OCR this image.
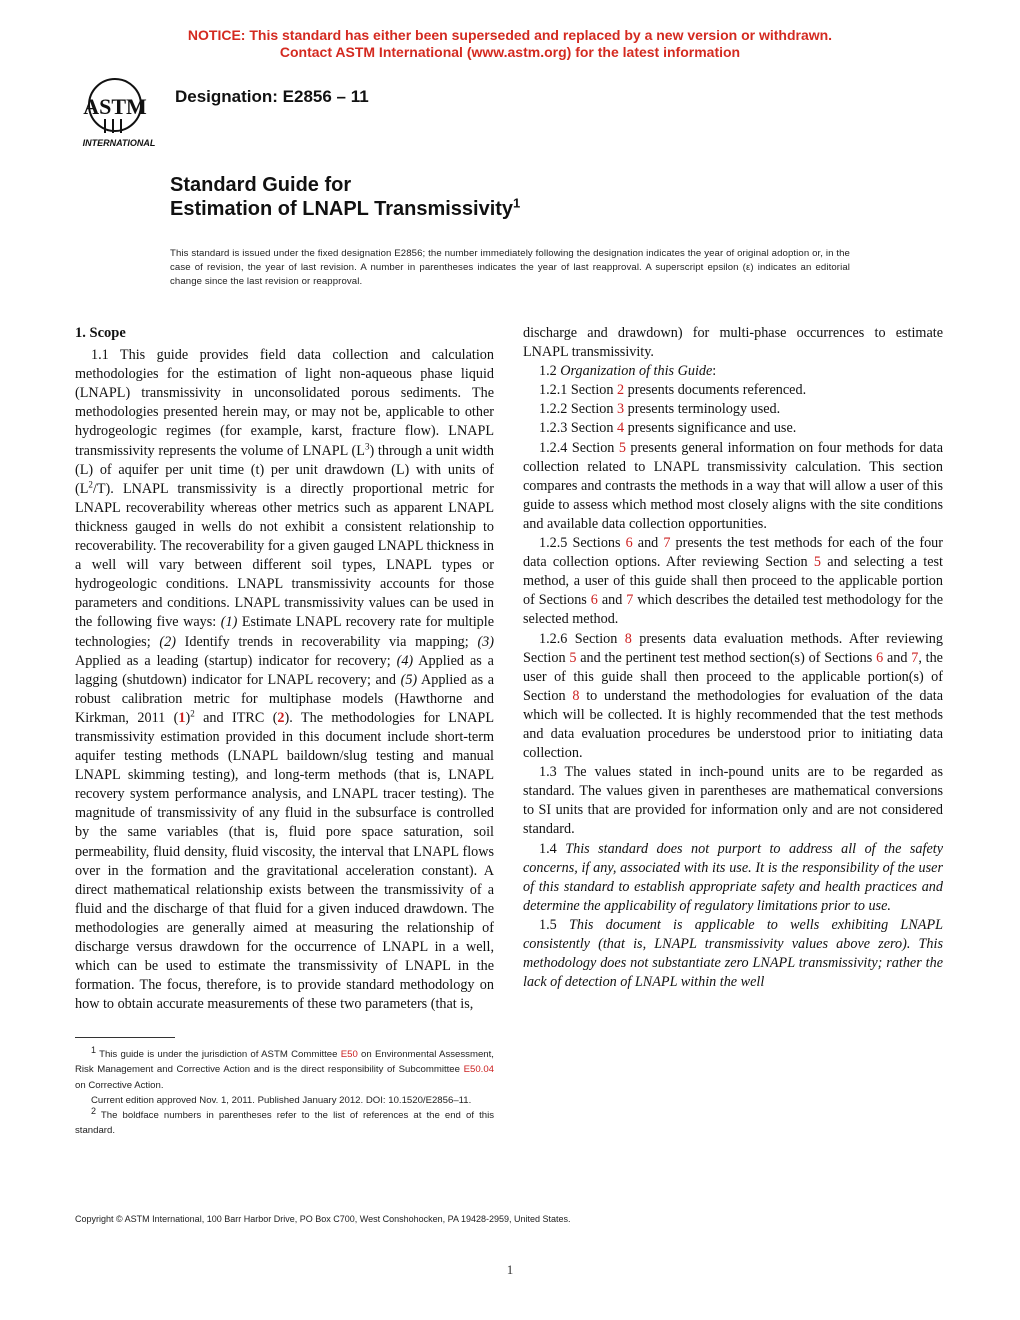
NOTICE: This standard has either been superseded and replaced by a new version or withdrawn.
Contact ASTM International (www.astm.org) for the latest information
ASTM
INTERNATIONAL
Designation: E2856 – 11
Standard Guide for
Estimation of LNAPL Transmissivity$^1$
This standard is issued under the fixed designation E2856; the number immediately following the designation indicates the year of original adoption or, in the case of revision, the year of last revision. A number in parentheses indicates the year of last reapproval. A superscript epsilon (ε) indicates an editorial change since the last revision or reapproval.

1. Scope

1.1 This guide provides field data collection and calculation methodologies for the estimation of light non-aqueous phase liquid (LNAPL) transmissivity in unconsolidated porous sediments. The methodologies presented herein may, or may not be, applicable to other hydrogeologic regimes (for example, karst, fracture flow). LNAPL transmissivity represents the volume of LNAPL $(L^3)$ through a unit width (L) of aquifer per unit time (t) per unit drawdown (L) with units of $(L^2/T)$. LNAPL transmissivity is a directly proportional metric for LNAPL recoverability whereas other metrics such as apparent LNAPL thickness gauged in wells do not exhibit a consistent relationship to recoverability. The recoverability for a given gauged LNAPL thickness in a well will vary between different soil types, LNAPL types or hydrogeologic conditions. LNAPL transmissivity accounts for those parameters and conditions. LNAPL transmissivity values can be used in the following five ways: (1) Estimate LNAPL recovery rate for multiple technologies; (2) Identify trends in recoverability via mapping; (3) Applied as a leading (startup) indicator for recovery; (4) Applied as a lagging (shutdown) indicator for LNAPL recovery; and (5) Applied as a robust calibration metric for multiphase models (Hawthorne and Kirkman, 2011 $(1)^2$ and ITRC (2). The methodologies for LNAPL transmissivity estimation provided in this document include short-term aquifer testing methods (LNAPL baildown/slug testing and manual LNAPL skimming testing), and long-term methods (that is, LNAPL recovery system performance analysis, and LNAPL tracer testing). The magnitude of transmissivity of any fluid in the subsurface is controlled by the same variables (that is, fluid pore space saturation, soil permeability, fluid density, fluid viscosity, the interval that LNAPL flows over in the formation and the gravitational acceleration constant). A direct mathematical relationship exists between the transmissivity of a fluid and the discharge of that fluid for a given induced drawdown. The methodologies are generally aimed at measuring the relationship of discharge versus drawdown for the occurrence of LNAPL in a well, which can be used to estimate the transmissivity of LNAPL in the formation. The focus, therefore, is to provide standard methodology on how to obtain accurate measurements of these two parameters (that is,

discharge and drawdown) for multi-phase occurrences to estimate LNAPL transmissivity.

1.2 Organization of this Guide:

1.2.1 Section 2 presents documents referenced.

1.2.2 Section 3 presents terminology used.

1.2.3 Section 4 presents significance and use.

1.2.4 Section 5 presents general information on four methods for data collection related to LNAPL transmissivity calculation. This section compares and contrasts the methods in a way that will allow a user of this guide to assess which method most closely aligns with the site conditions and available data collection opportunities.

1.2.5 Sections 6 and 7 presents the test methods for each of the four data collection options. After reviewing Section 5 and selecting a test method, a user of this guide shall then proceed to the applicable portion of Sections 6 and 7 which describes the detailed test methodology for the selected method.

1.2.6 Section 8 presents data evaluation methods. After reviewing Section 5 and the pertinent test method section(s) of Sections 6 and 7, the user of this guide shall then proceed to the applicable portion(s) of Section 8 to understand the methodologies for evaluation of the data which will be collected. It is highly recommended that the test methods and data evaluation procedures be understood prior to initiating data collection.

1.3 The values stated in inch-pound units are to be regarded as standard. The values given in parentheses are mathematical conversions to SI units that are provided for information only and are not considered standard.

1.4 This standard does not purport to address all of the safety concerns, if any, associated with its use. It is the responsibility of the user of this standard to establish appropriate safety and health practices and determine the applicability of regulatory limitations prior to use.

1.5 This document is applicable to wells exhibiting LNAPL consistently (that is, LNAPL transmissivity values above zero). This methodology does not substantiate zero LNAPL transmissivity; rather the lack of detection of LNAPL within the well

$^1$ This guide is under the jurisdiction of ASTM Committee E50 on Environmental Assessment, Risk Management and Corrective Action and is the direct responsibility of Subcommittee E50.04 on Corrective Action.

Current edition approved Nov. 1, 2011. Published January 2012. DOI: 10.1520/E2856–11.

$^2$ The boldface numbers in parentheses refer to the list of references at the end of this standard.

Copyright © ASTM International, 100 Barr Harbor Drive, PO Box C700, West Conshohocken, PA 19428-2959, United States.
1
